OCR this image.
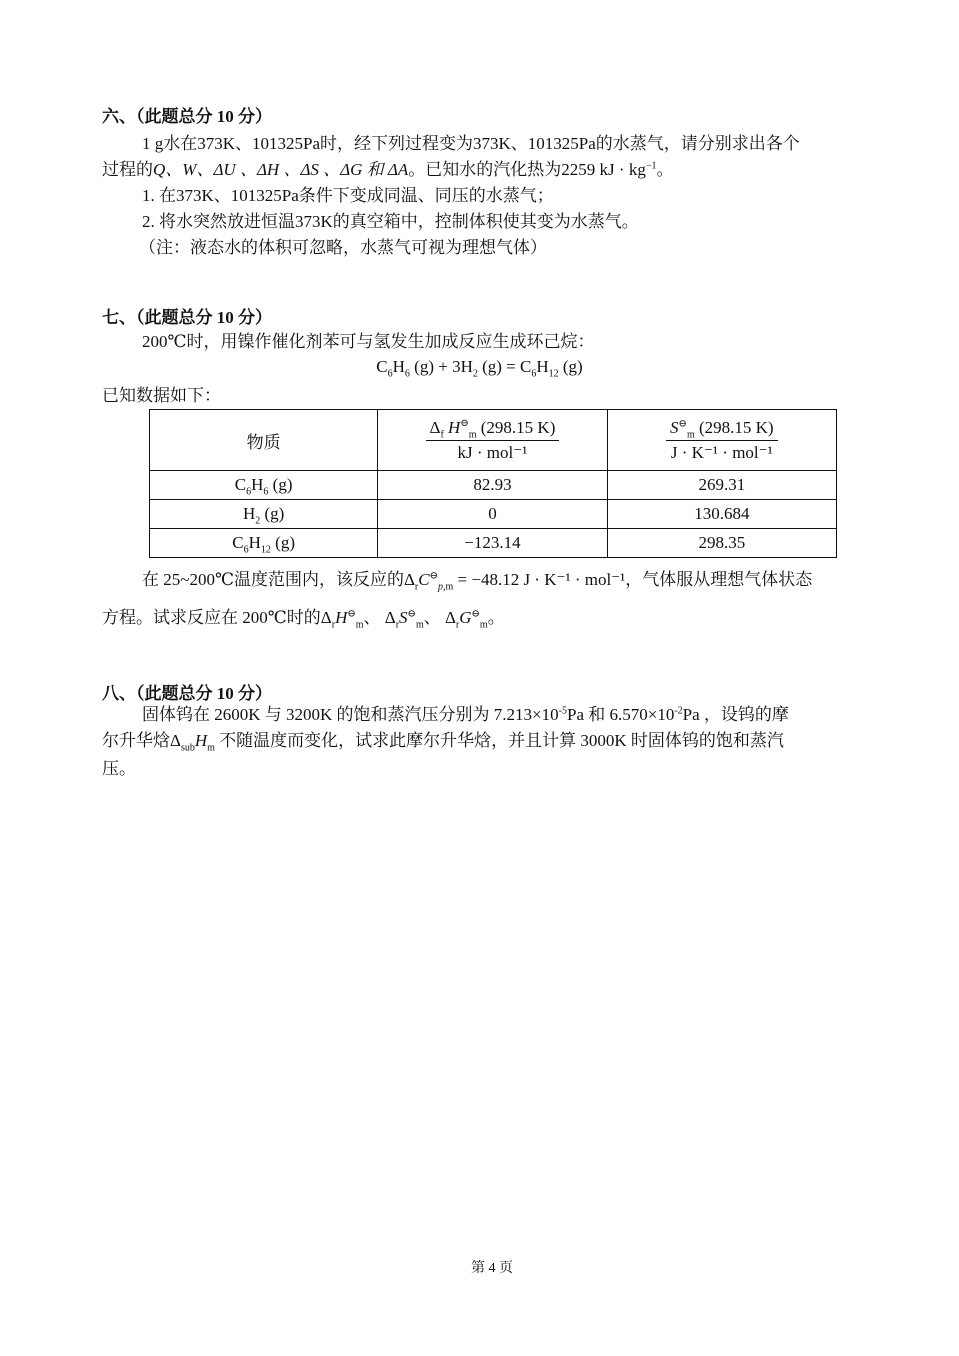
六、（此题总分 10 分）
1 g水在373K、101325Pa时，经下列过程变为373K、101325Pa的水蒸气，请分别求出各个
过程的Q、W、ΔU 、ΔH 、ΔS 、ΔG 和 ΔA。已知水的汽化热为2259 kJ · $kg^{-1}$。
1. 在373K、101325Pa条件下变成同温、同压的水蒸气；
2. 将水突然放进恒温373K的真空箱中，控制体积使其变为水蒸气。
（注：液态水的体积可忽略，水蒸气可视为理想气体）
七、（此题总分 10 分）
200℃时，用镍作催化剂苯可与氢发生加成反应生成环己烷：
$C_6H_6$ $(g) + 3H_2$ $(g) = C_6H_{12}$ (g)
已知数据如下：
物质	$\frac{\Delta_f H^⊖_m (298.15 K)}{\text{kJ · mol⁻¹}}$	$\frac{S^⊖_m (298.15 K)}{\text{J · K⁻¹ · mol⁻¹}}$

$C_6H_6$ (g)	82.93	269.31
$H_2$ (g)	0	130.684
$C_6H_{12}$ (g)	−123.14	298.35
在 25~200℃温度范围内，该反应的$\Delta_rC^⊖_{p,m} = -48.12$ J · K⁻¹ · mol⁻¹，气体服从理想气体状态
方程。试求反应在 200℃时的$\Delta_rH^⊖_m$、 $\Delta_rS^⊖_m$、 $\Delta_rG^⊖_m$。
八、（此题总分 10 分）
固体钨在 2600K 与 3200K 的饱和蒸汽压分别为 $7.213\times 10^{-5}Pa$ 和 $6.570\times 10^{-2}Pa$ ，设钨的摩
尔升华焓$\Delta_{sub}H_m$ 不随温度而变化，试求此摩尔升华焓，并且计算 3000K 时固体钨的饱和蒸汽
压。
第 4 页
